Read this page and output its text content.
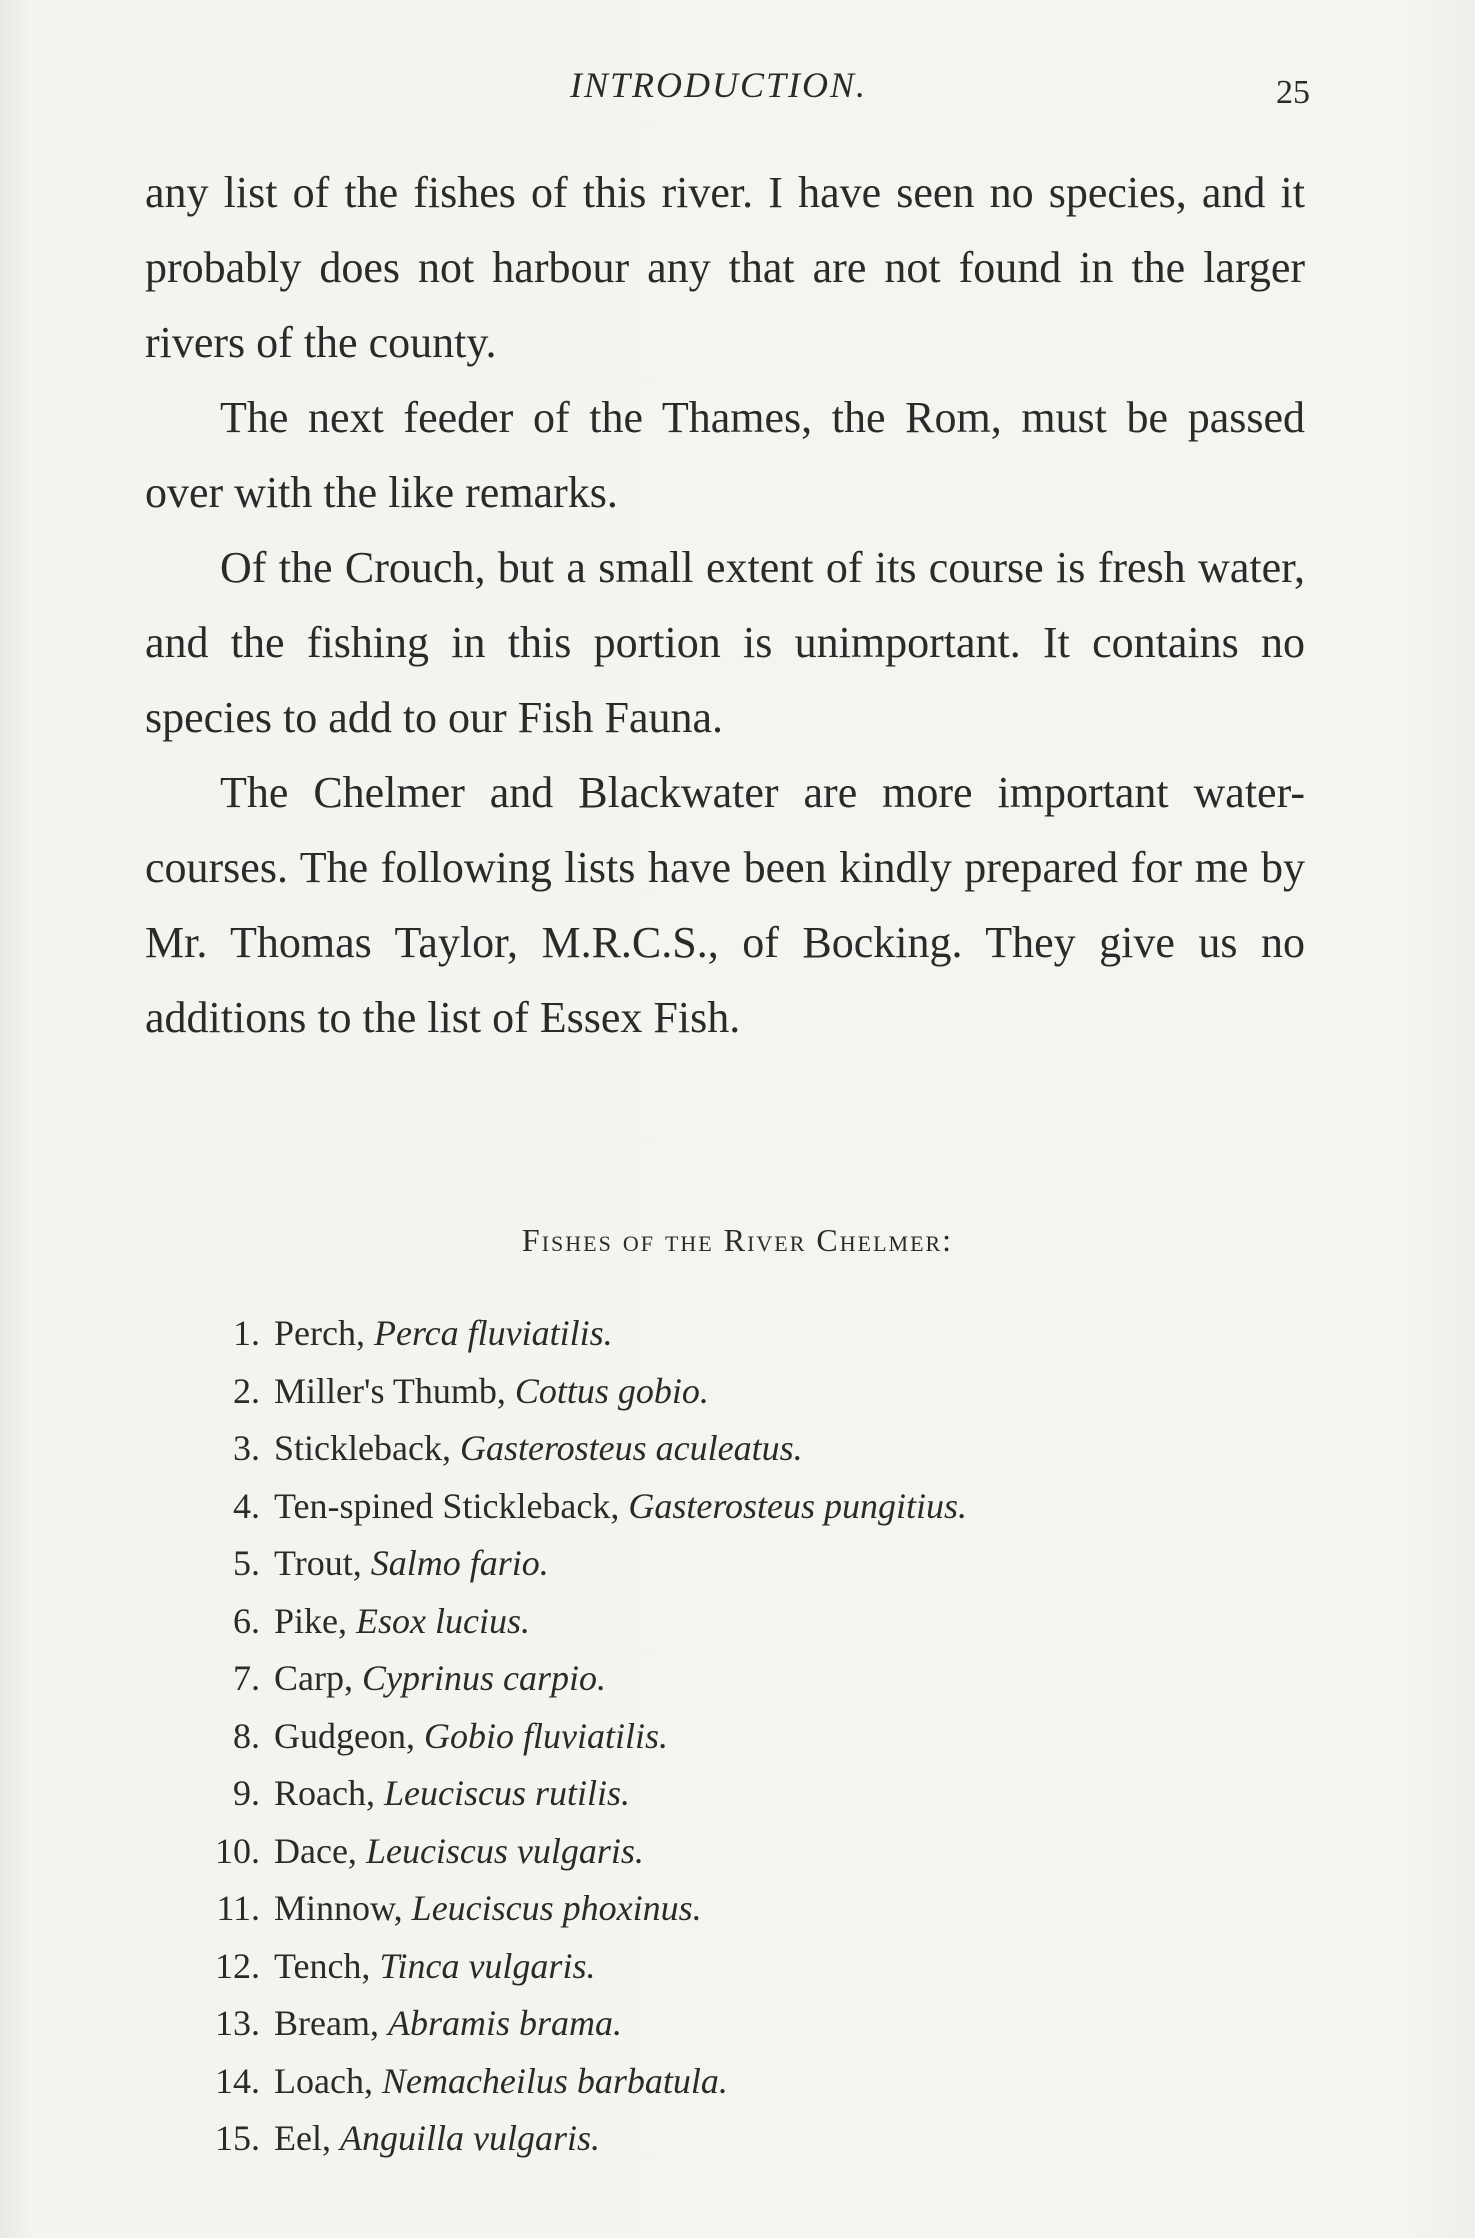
INTRODUCTION.	25

any list of the fishes of this river. I have seen no species, and it probably does not harbour any that are not found in the larger rivers of the county.

The next feeder of the Thames, the Rom, must be passed over with the like remarks.

Of the Crouch, but a small extent of its course is fresh water, and the fishing in this portion is unimportant. It contains no species to add to our Fish Fauna.

The Chelmer and Blackwater are more important water-courses. The following lists have been kindly prepared for me by Mr. Thomas Taylor, M.R.C.S., of Bocking. They give us no additions to the list of Essex Fish.

Fishes of the River Chelmer:
1. Perch,
Perca fluviatilis.
2. Miller's Thumb,
Cottus gobio.
3. Stickleback,
Gasterosteus aculeatus.
4. Ten-spined Stickleback,
Gasterosteus pungitius.
5. Trout,
Salmo fario.
6. Pike,
Esox lucius.
7. Carp,
Cyprinus carpio.
8. Gudgeon,
Gobio fluviatilis.
9. Roach,
Leuciscus rutilis.
10. Dace,
Leuciscus vulgaris.
11. Minnow,
Leuciscus phoxinus.
12. Tench,
Tinca vulgaris.
13. Bream,
Abramis brama.
14. Loach,
Nemacheilus barbatula.
15. Eel,
Anguilla vulgaris.
